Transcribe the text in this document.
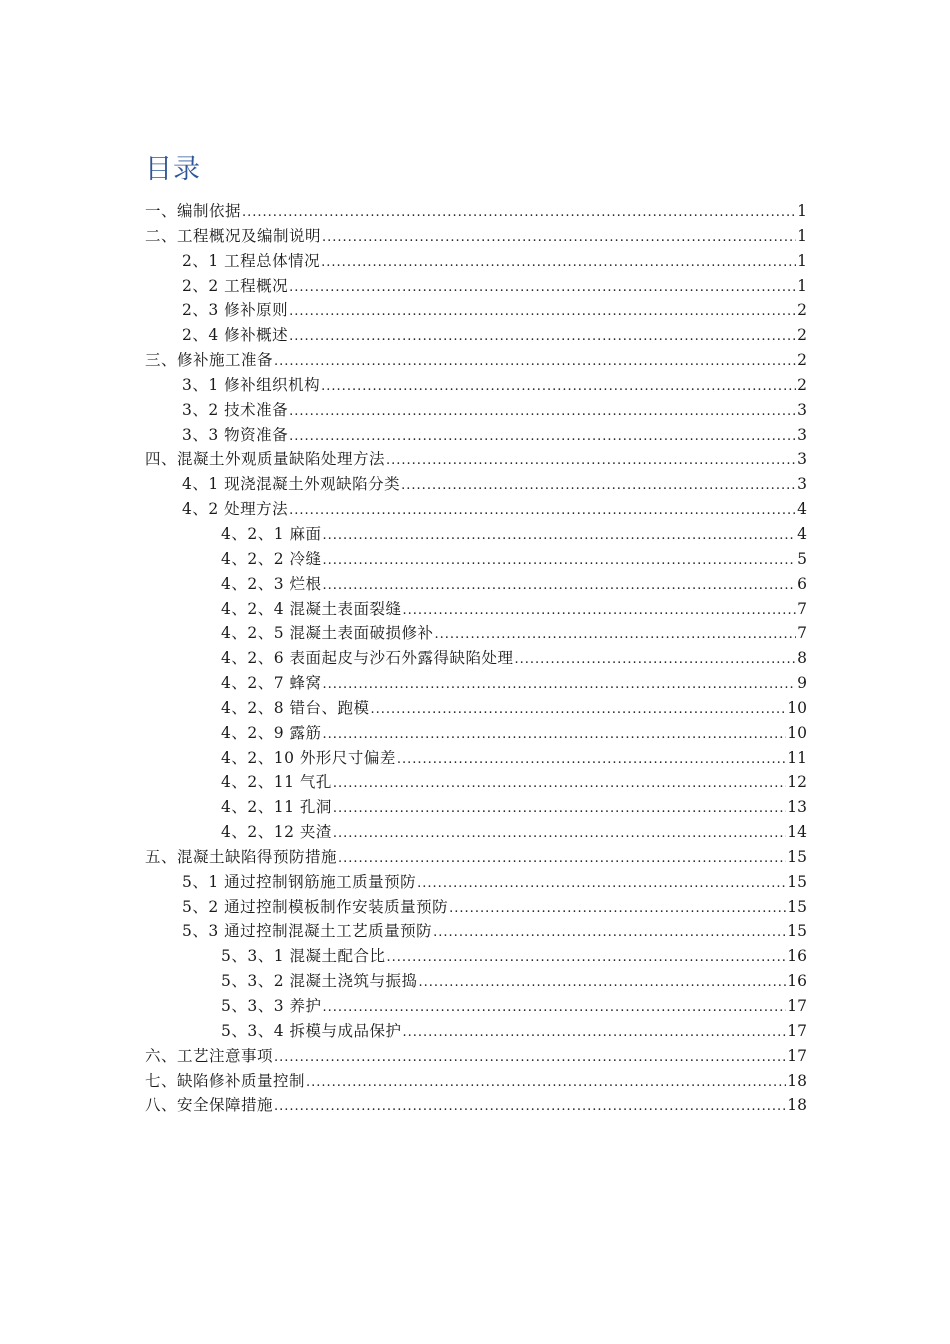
目录
一、编制依据 .....	1
二、工程概况及编制说明 .....	1
2、1 工程总体情况 .....	1
2、2 工程概况 .....	1
2、3 修补原则 .....	2
2、4 修补概述 .....	2
三、修补施工准备 .....	2
3、1 修补组织机构 .....	2
3、2 技术准备 .....	3
3、3 物资准备 .....	3
四、混凝土外观质量缺陷处理方法 .....	3
4、1 现浇混凝土外观缺陷分类 .....	3
4、2 处理方法 .....	4
4、2、1 麻面 .....	4
4、2、2 冷缝 .....	5
4、2、3 烂根 .....	6
4、2、4 混凝土表面裂缝 .....	7
4、2、5 混凝土表面破损修补 .....	7
4、2、6 表面起皮与沙石外露得缺陷处理 .....	8
4、2、7 蜂窝 .....	9
4、2、8 错台、跑模 .....	10
4、2、9 露筋 .....	10
4、2、10 外形尺寸偏差 .....	11
4、2、11 气孔 .....	12
4、2、11 孔洞 .....	13
4、2、12 夹渣 .....	14
五、混凝土缺陷得预防措施 .....	15
5、1 通过控制钢筋施工质量预防 .....	15
5、2 通过控制模板制作安装质量预防 .....	15
5、3 通过控制混凝土工艺质量预防 .....	15
5、3、1 混凝土配合比 .....	16
5、3、2 混凝土浇筑与振捣 .....	16
5、3、3 养护 .....	17
5、3、4 拆模与成品保护 .....	17
六、工艺注意事项 .....	17
七、缺陷修补质量控制 .....	18
八、安全保障措施 .....	18
